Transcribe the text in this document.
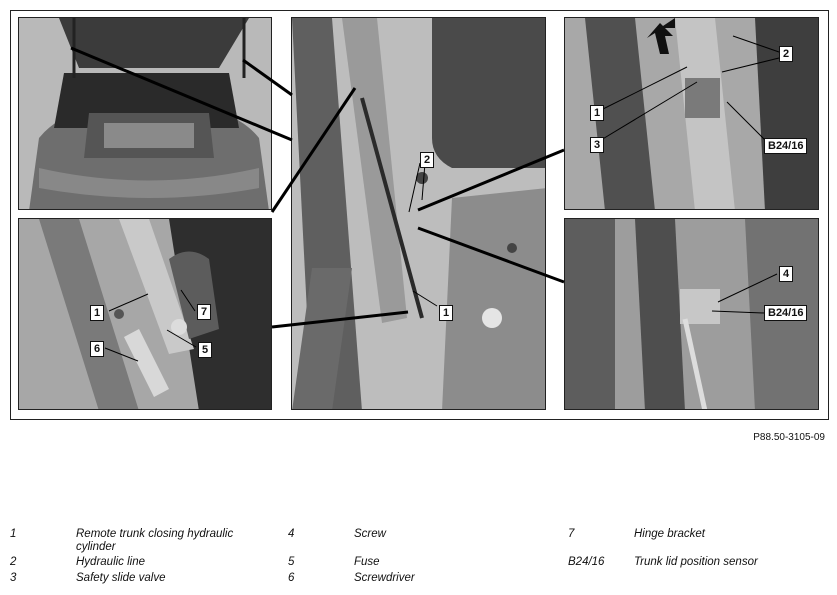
2
1
2
1
3	B24/16
1	7
6	5
4
B24/16
P88.50-3105-09
1	Remote trunk closing hydraulic cylinder
2	Hydraulic line
3	Safety slide valve
4	Screw
5	Fuse
6	Screwdriver
7	Hinge bracket
B24/16	Trunk lid position sensor
